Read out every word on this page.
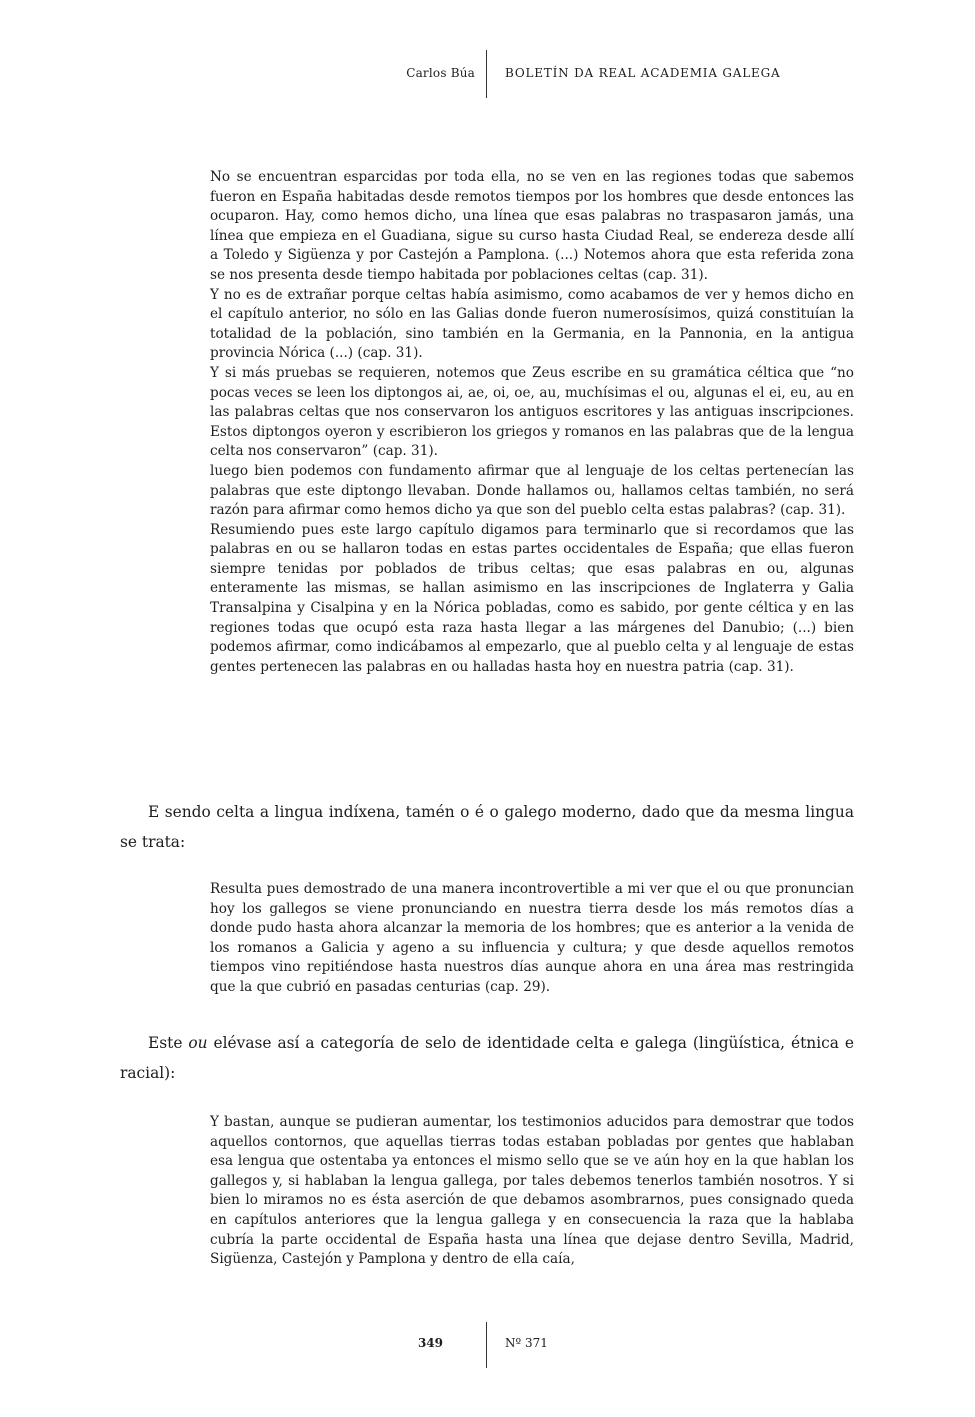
Carlos Búa	BOLETÍN DA REAL ACADEMIA GALEGA

No se encuentran esparcidas por toda ella, no se ven en las regiones todas que sabemos fueron en España habitadas desde remotos tiempos por los hombres que desde entonces las ocuparon. Hay, como hemos dicho, una línea que esas palabras no traspasaron jamás, una línea que empieza en el Guadiana, sigue su curso hasta Ciudad Real, se endereza desde allí a Toledo y Sigüenza y por Castejón a Pamplona. (...) Notemos ahora que esta referida zona se nos presenta desde tiempo habitada por poblaciones celtas (cap. 31).

Y no es de extrañar porque celtas había asimismo, como acabamos de ver y hemos dicho en el capítulo anterior, no sólo en las Galias donde fueron numerosísimos, quizá constituían la totalidad de la población, sino también en la Germania, en la Pannonia, en la antigua provincia Nórica (...) (cap. 31).

Y si más pruebas se requieren, notemos que Zeus escribe en su gramática céltica que “no pocas veces se leen los diptongos ai, ae, oi, oe, au, muchísimas el ou, algunas el ei, eu, au en las palabras celtas que nos conservaron los antiguos escritores y las antiguas inscripciones. Estos diptongos oyeron y escribieron los griegos y romanos en las palabras que de la lengua celta nos conservaron” (cap. 31).

luego bien podemos con fundamento afirmar que al lenguaje de los celtas pertenecían las palabras que este diptongo llevaban. Donde hallamos ou, hallamos celtas también, no será razón para afirmar como hemos dicho ya que son del pueblo celta estas palabras? (cap. 31).

Resumiendo pues este largo capítulo digamos para terminarlo que si recordamos que las palabras en ou se hallaron todas en estas partes occidentales de España; que ellas fueron siempre tenidas por poblados de tribus celtas; que esas palabras en ou, algunas enteramente las mismas, se hallan asimismo en las inscripciones de Inglaterra y Galia Transalpina y Cisalpina y en la Nórica pobladas, como es sabido, por gente céltica y en las regiones todas que ocupó esta raza hasta llegar a las márgenes del Danubio; (...) bien podemos afirmar, como indicábamos al empezarlo, que al pueblo celta y al lenguaje de estas gentes pertenecen las palabras en ou halladas hasta hoy en nuestra patria (cap. 31).

E sendo celta a lingua indíxena, tamén o é o galego moderno, dado que da mesma lingua se trata:

Resulta pues demostrado de una manera incontrovertible a mi ver que el ou que pronuncian hoy los gallegos se viene pronunciando en nuestra tierra desde los más remotos días a donde pudo hasta ahora alcanzar la memoria de los hombres; que es anterior a la venida de los romanos a Galicia y ageno a su influencia y cultura; y que desde aquellos remotos tiempos vino repitiéndose hasta nuestros días aunque ahora en una área mas restringida que la que cubrió en pasadas centurias (cap. 29).

Este ou elévase así a categoría de selo de identidade celta e galega (lingüística, étnica e racial):

Y bastan, aunque se pudieran aumentar, los testimonios aducidos para demostrar que todos aquellos contornos, que aquellas tierras todas estaban pobladas por gentes que hablaban esa lengua que ostentaba ya entonces el mismo sello que se ve aún hoy en la que hablan los gallegos y, si hablaban la lengua gallega, por tales debemos tenerlos también nosotros. Y si bien lo miramos no es ésta aserción de que debamos asombrarnos, pues consignado queda en capítulos anteriores que la lengua gallega y en consecuencia la raza que la hablaba cubría la parte occidental de España hasta una línea que dejase dentro Sevilla, Madrid, Sigüenza, Castejón y Pamplona y dentro de ella caía,

349	Nº 371
